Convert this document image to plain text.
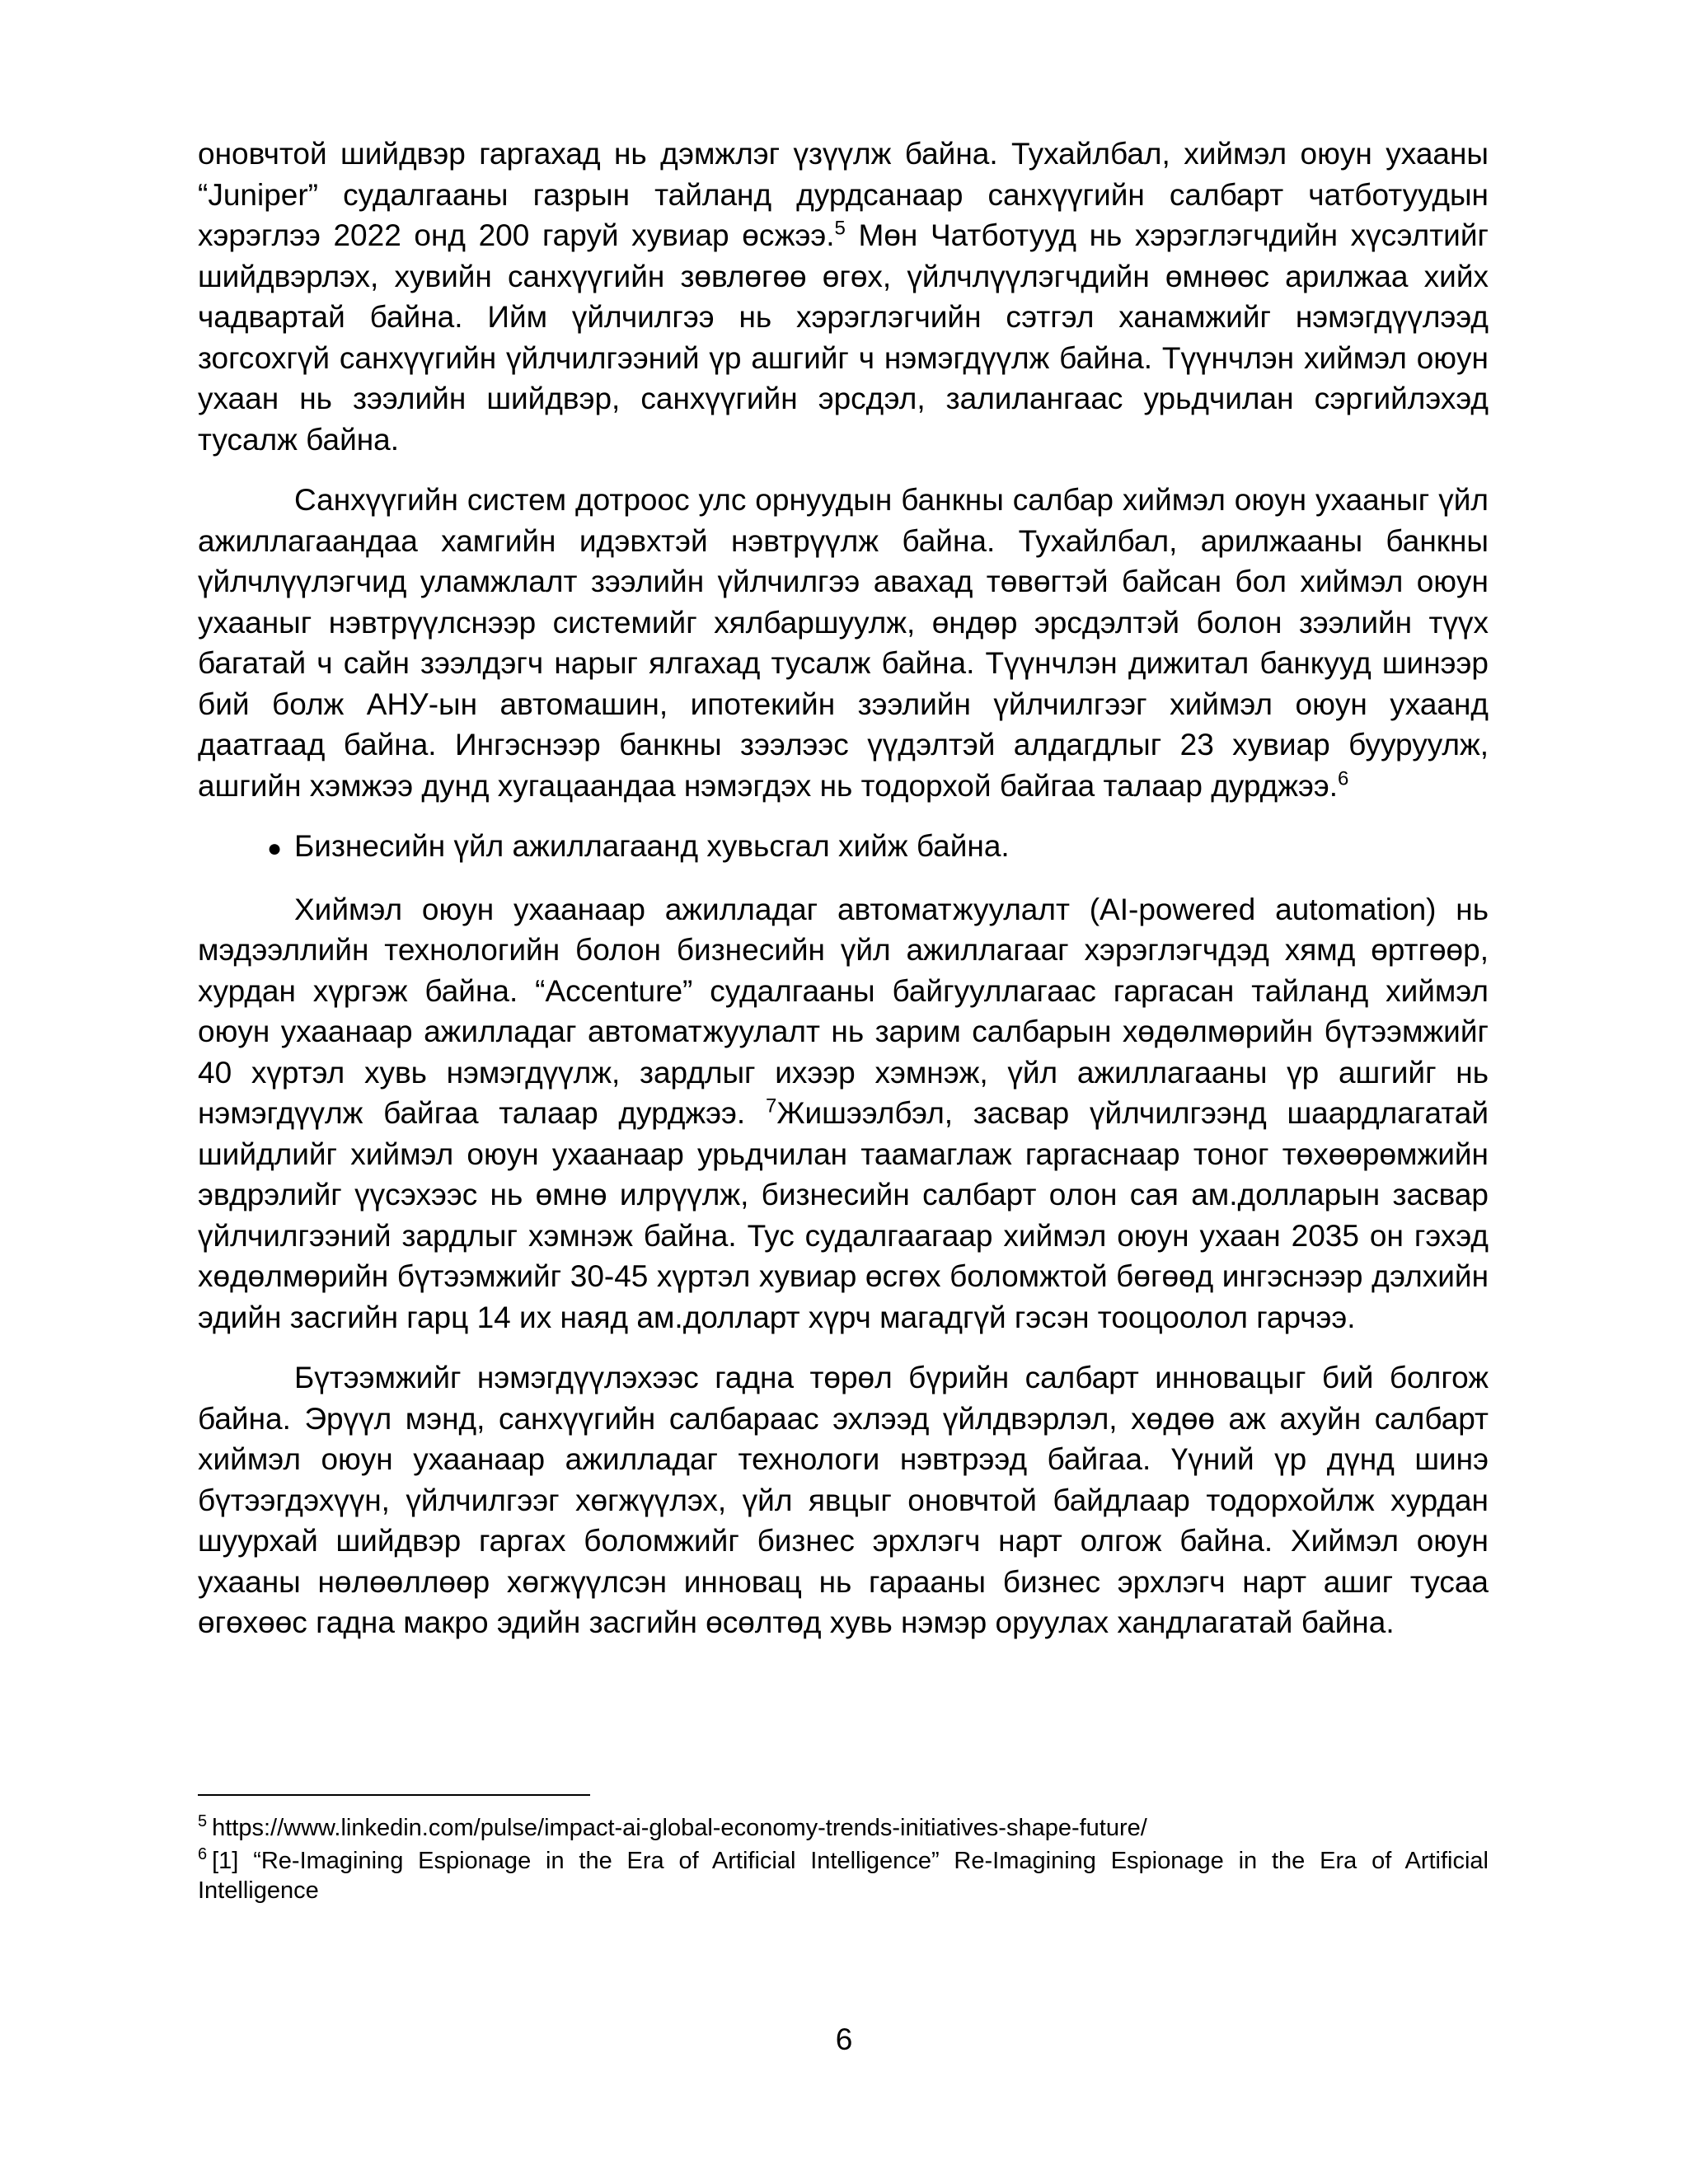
оновчтой шийдвэр гаргахад нь дэмжлэг үзүүлж байна. Тухайлбал, хиймэл оюун ухааны “Juniper” судалгааны газрын тайланд дурдсанаар санхүүгийн салбарт чатботуудын хэрэглээ 2022 онд 200 гаруй хувиар өсжээ.$^5$ Мөн Чатботууд нь хэрэглэгчдийн хүсэлтийг шийдвэрлэх, хувийн санхүүгийн зөвлөгөө өгөх, үйлчлүүлэгчдийн өмнөөс арилжаа хийх чадвартай байна. Ийм үйлчилгээ нь хэрэглэгчийн сэтгэл ханамжийг нэмэгдүүлээд зогсохгүй санхүүгийн үйлчилгээний үр ашгийг ч нэмэгдүүлж байна. Түүнчлэн хиймэл оюун ухаан нь зээлийн шийдвэр, санхүүгийн эрсдэл, залилангаас урьдчилан сэргийлэхэд тусалж байна.

Санхүүгийн систем дотроос улс орнуудын банкны салбар хиймэл оюун ухааныг үйл ажиллагаандаа хамгийн идэвхтэй нэвтрүүлж байна. Тухайлбал, арилжааны банкны үйлчлүүлэгчид уламжлалт зээлийн үйлчилгээ авахад төвөгтэй байсан бол хиймэл оюун ухааныг нэвтрүүлснээр системийг хялбаршуулж, өндөр эрсдэлтэй болон зээлийн түүх багатай ч сайн зээлдэгч нарыг ялгахад тусалж байна. Түүнчлэн дижитал банкууд шинээр бий болж АНУ-ын автомашин, ипотекийн зээлийн үйлчилгээг хиймэл оюун ухаанд даатгаад байна. Ингэснээр банкны зээлээс үүдэлтэй алдагдлыг 23 хувиар бууруулж, ашгийн хэмжээ дунд хугацаандаа нэмэгдэх нь тодорхой байгаа талаар дурджээ.$^6$

● Бизнесийн үйл ажиллагаанд хувьсгал хийж байна.

Хиймэл оюун ухаанаар ажилладаг автоматжуулалт (AI-powered automation) нь мэдээллийн технологийн болон бизнесийн үйл ажиллагааг хэрэглэгчдэд хямд өртгөөр, хурдан хүргэж байна. “Accenture” судалгааны байгууллагаас гаргасан тайланд хиймэл оюун ухаанаар ажилладаг автоматжуулалт нь зарим салбарын хөдөлмөрийн бүтээмжийг 40 хүртэл хувь нэмэгдүүлж, зардлыг ихээр хэмнэж, үйл ажиллагааны үр ашгийг нь нэмэгдүүлж байгаа талаар дурджээ. $^7$Жишээлбэл, засвар үйлчилгээнд шаардлагатай шийдлийг хиймэл оюун ухаанаар урьдчилан таамаглаж гаргаснаар тоног төхөөрөмжийн эвдрэлийг үүсэхээс нь өмнө илрүүлж, бизнесийн салбарт олон сая ам.долларын засвар үйлчилгээний зардлыг хэмнэж байна. Тус судалгаагаар хиймэл оюун ухаан 2035 он гэхэд хөдөлмөрийн бүтээмжийг 30-45 хүртэл хувиар өсгөх боломжтой бөгөөд ингэснээр дэлхийн эдийн засгийн гарц 14 их наяд ам.долларт хүрч магадгүй гэсэн тооцоолол гарчээ.

Бүтээмжийг нэмэгдүүлэхээс гадна төрөл бүрийн салбарт инновацыг бий болгож байна. Эрүүл мэнд, санхүүгийн салбараас эхлээд үйлдвэрлэл, хөдөө аж ахуйн салбарт хиймэл оюун ухаанаар ажилладаг технологи нэвтрээд байгаа. Үүний үр дүнд шинэ бүтээгдэхүүн, үйлчилгээг хөгжүүлэх, үйл явцыг оновчтой байдлаар тодорхойлж хурдан шуурхай шийдвэр гаргах боломжийг бизнес эрхлэгч нарт олгож байна. Хиймэл оюун ухааны нөлөөллөөр хөгжүүлсэн инновац нь гарааны бизнес эрхлэгч нарт ашиг тусаа өгөхөөс гадна макро эдийн засгийн өсөлтөд хувь нэмэр оруулах хандлагатай байна.

$^5$ https://www.linkedin.com/pulse/impact-ai-global-economy-trends-initiatives-shape-future/

$^6$ [1] “Re-Imagining Espionage in the Era of Artificial Intelligence” Re-Imagining Espionage in the Era of Artificial Intelligence

6
